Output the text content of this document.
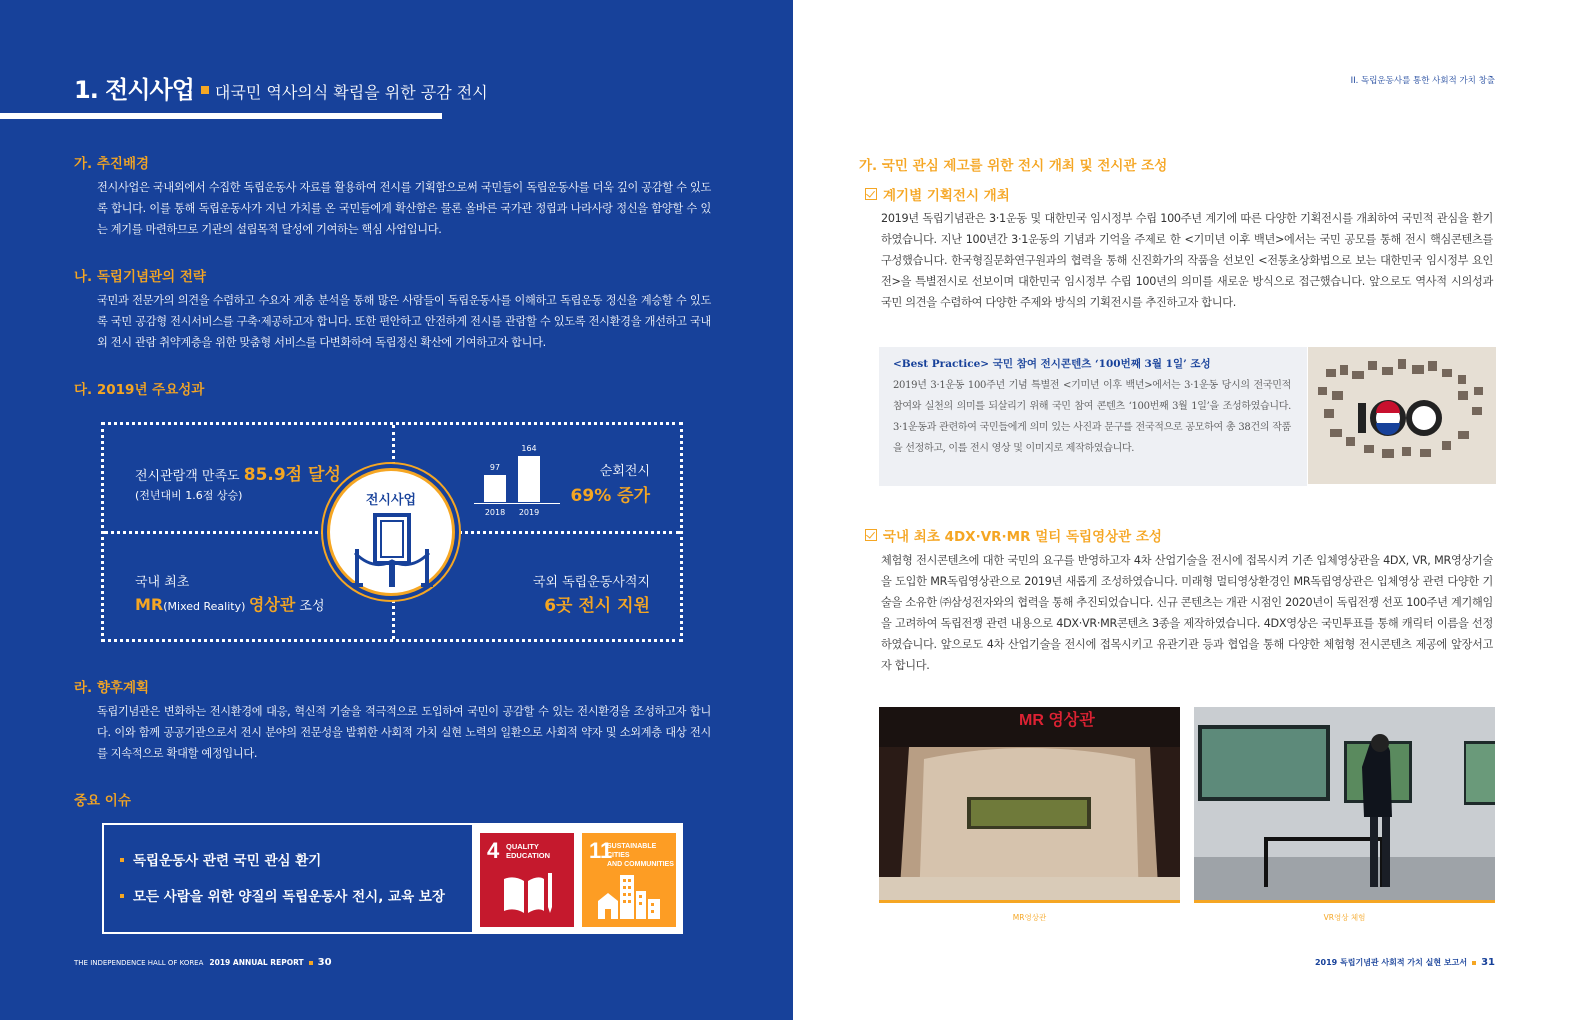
1. 전시사업 대국민 역사의식 확립을 위한 공감 전시
가. 추진배경
전시사업은 국내외에서 수집한 독립운동사 자료를 활용하여 전시를 기획함으로써 국민들이 독립운동사를 더욱 깊이 공감할 수 있도록 합니다. 이를 통해 독립운동사가 지닌 가치를 온 국민들에게 확산함은 물론 올바른 국가관 정립과 나라사랑 정신을 함양할 수 있는 계기를 마련하므로 기관의 설립목적 달성에 기여하는 핵심 사업입니다.
나. 독립기념관의 전략
국민과 전문가의 의견을 수렴하고 수요자 계층 분석을 통해 많은 사람들이 독립운동사를 이해하고 독립운동 정신을 계승할 수 있도록 국민 공감형 전시서비스를 구축·제공하고자 합니다. 또한 편안하고 안전하게 전시를 관람할 수 있도록 전시환경을 개선하고 국내외 전시 관람 취약계층을 위한 맞춤형 서비스를 다변화하여 독립정신 확산에 기여하고자 합니다.
다. 2019년 주요성과
전시관람객 만족도 85.9점 달성
(전년대비 1.6점 상승)
순회전시
69% 증가
국내 최초
MR(Mixed Reality) 영상관 조성
국외 독립운동사적지
6곳 전시 지원
97
2018
164
2019
전시사업
라. 향후계획
독립기념관은 변화하는 전시환경에 대응, 혁신적 기술을 적극적으로 도입하여 국민이 공감할 수 있는 전시환경을 조성하고자 합니다. 이와 함께 공공기관으로서 전시 분야의 전문성을 발휘한 사회적 가치 실현 노력의 일환으로 사회적 약자 및 소외계층 대상 전시를 지속적으로 확대할 예정입니다.
중요 이슈
독립운동사 관련 국민 관심 환기
모든 사람을 위한 양질의 독립운동사 전시, 교육 보장
4 QUALITY
EDUCATION 11
SUSTAINABLE CITIES
AND COMMUNITIES
THE INDEPENDENCE HALL OF KOREA 2019 ANNUAL REPORT 30
II. 독립운동사를 통한 사회적 가치 창출
가. 국민 관심 제고를 위한 전시 개최 및 전시관 조성
계기별 기획전시 개최
2019년 독립기념관은 3·1운동 및 대한민국 임시정부 수립 100주년 계기에 따른 다양한 기획전시를 개최하여 국민적 관심을 환기하였습니다. 지난 100년간 3·1운동의 기념과 기억을 주제로 한 <기미년 이후 백년>에서는 국민 공모를 통해 전시 핵심콘텐츠를 구성했습니다. 한국형질문화연구원과의 협력을 통해 신진화가의 작품을 선보인 <전통초상화법으로 보는 대한민국 임시정부 요인전>을 특별전시로 선보이며 대한민국 임시정부 수립 100년의 의미를 새로운 방식으로 접근했습니다. 앞으로도 역사적 시의성과 국민 의견을 수렴하여 다양한 주제와 방식의 기획전시를 추진하고자 합니다.
<Best Practice> 국민 참여 전시콘텐츠 ‘100번째 3월 1일’ 조성
2019년 3·1운동 100주년 기념 특별전 <기미년 이후 백년>에서는 3·1운동 당시의 전국민적 참여와 실천의 의미를 되살리기 위해 국민 참여 콘텐츠 ‘100번째 3월 1일’을 조성하였습니다. 3·1운동과 관련하여 국민들에게 의미 있는 사진과 문구를 전국적으로 공모하여 총 38건의 작품을 선정하고, 이를 전시 영상 및 이미지로 제작하였습니다.
국내 최초 4DX·VR·MR 멀티 독립영상관 조성
체험형 전시콘텐츠에 대한 국민의 요구를 반영하고자 4차 산업기술을 전시에 접목시켜 기존 입체영상관을 4DX, VR, MR영상기술을 도입한 MR독립영상관으로 2019년 새롭게 조성하였습니다. 미래형 멀티영상환경인 MR독립영상관은 입체영상 관련 다양한 기술을 소유한 ㈜삼성전자와의 협력을 통해 추진되었습니다. 신규 콘텐츠는 개관 시점인 2020년이 독립전쟁 선포 100주년 계기해임을 고려하여 독립전쟁 관련 내용으로 4DX·VR·MR콘텐츠 3종을 제작하였습니다. 4DX영상은 국민투표를 통해 캐릭터 이름을 선정하였습니다. 앞으로도 4차 산업기술을 전시에 접목시키고 유관기관 등과 협업을 통해 다양한 체험형 전시콘텐츠 제공에 앞장서고자 합니다.
MR 영상관
MR영상관	VR영상 체험
2019 독립기념관 사회적 가치 실현 보고서 31
